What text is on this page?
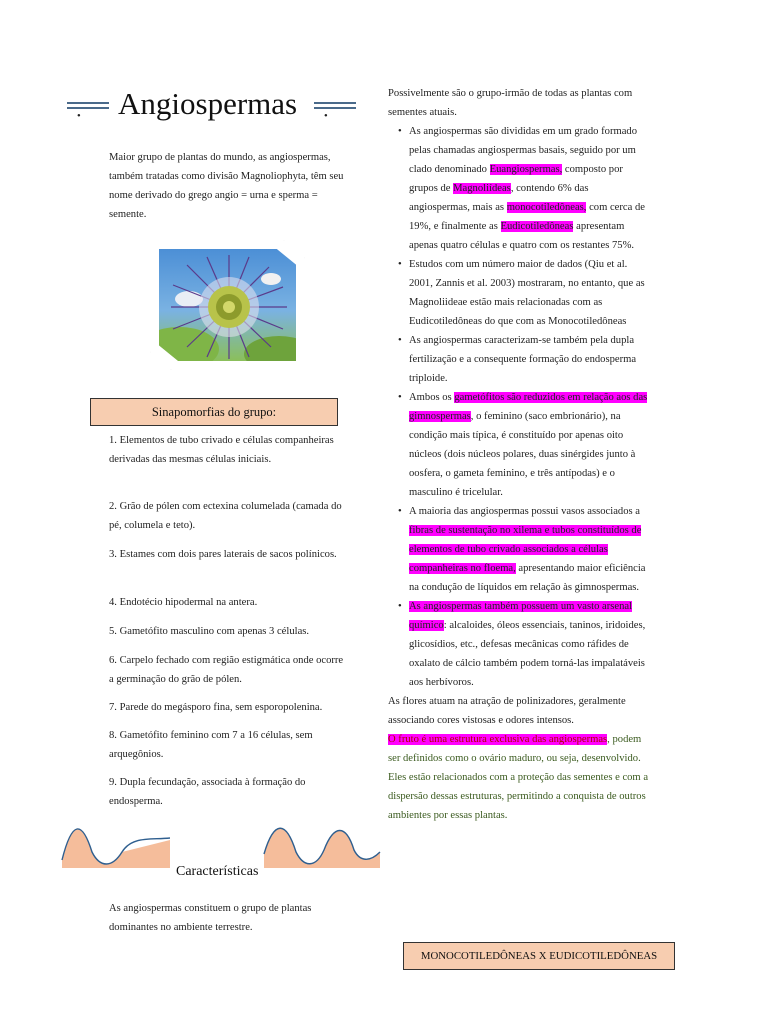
•
•
Angiospermas
Maior grupo de plantas do mundo, as angiospermas, também tratadas como divisão Magnoliophyta, têm seu nome derivado do grego angio = urna e sperma = semente.
Sinapomorfias do grupo:
1. Elementos de tubo crivado e células companheiras derivadas das mesmas células iniciais.
2. Grão de pólen com ectexina columelada (camada do pé, columela e teto).
3. Estames com dois pares laterais de sacos polínicos.
4. Endotécio hipodermal na antera.
5. Gametófito masculino com apenas 3 células.
6. Carpelo fechado com região estigmática onde ocorre a germinação do grão de pólen.
7. Parede do megásporo fina, sem esporopolenina.
8. Gametófito feminino com 7 a 16 células, sem arquegônios.
9. Dupla fecundação, associada à formação do endosperma.
Características
As angiospermas constituem o grupo de plantas dominantes no ambiente terrestre.

Possivelmente são o grupo-irmão de todas as plantas com sementes atuais.

• As angiospermas são divididas em um grado formado pelas chamadas angiospermas basais, seguido por um clado denominado Euangiospermas, composto por grupos de Magnoliídeas, contendo 6% das angiospermas, mais as monocotiledôneas, com cerca de 19%, e finalmente as Eudicotiledôneas apresentam apenas quatro células e quatro com os restantes 75%.
• Estudos com um número maior de dados (Qiu et al. 2001, Zannis et al. 2003) mostraram, no entanto, que as Magnoliideae estão mais relacionadas com as Eudicotiledôneas do que com as Monocotiledôneas
• As angiospermas caracterizam-se também pela dupla fertilização e a consequente formação do endosperma triploide.
• Ambos os gametófitos são reduzidos em relação aos das gimnospermas, o feminino (saco embrionário), na condição mais típica, é constituído por apenas oito núcleos (dois núcleos polares, duas sinérgides junto à oosfera, o gameta feminino, e três antípodas) e o masculino é tricelular.
• A maioria das angiospermas possui vasos associados a fibras de sustentação no xilema e tubos constituídos de elementos de tubo crivado associados a células companheiras no floema, apresentando maior eficiência na condução de líquidos em relação às gimnospermas.
• As angiospermas também possuem um vasto arsenal químico: alcaloides, óleos essenciais, taninos, iridoides, glicosídios, etc., defesas mecânicas como ráfides de oxalato de cálcio também podem torná-las impalatáveis aos herbívoros.

As flores atuam na atração de polinizadores, geralmente associando cores vistosas e odores intensos.

O fruto é uma estrutura exclusiva das angiospermas, podem ser definidos como o ovário maduro, ou seja, desenvolvido. Eles estão relacionados com a proteção das sementes e com a dispersão dessas estruturas, permitindo a conquista de outros ambientes por essas plantas.

MONOCOTILEDÔNEAS X EUDICOTILEDÔNEAS
